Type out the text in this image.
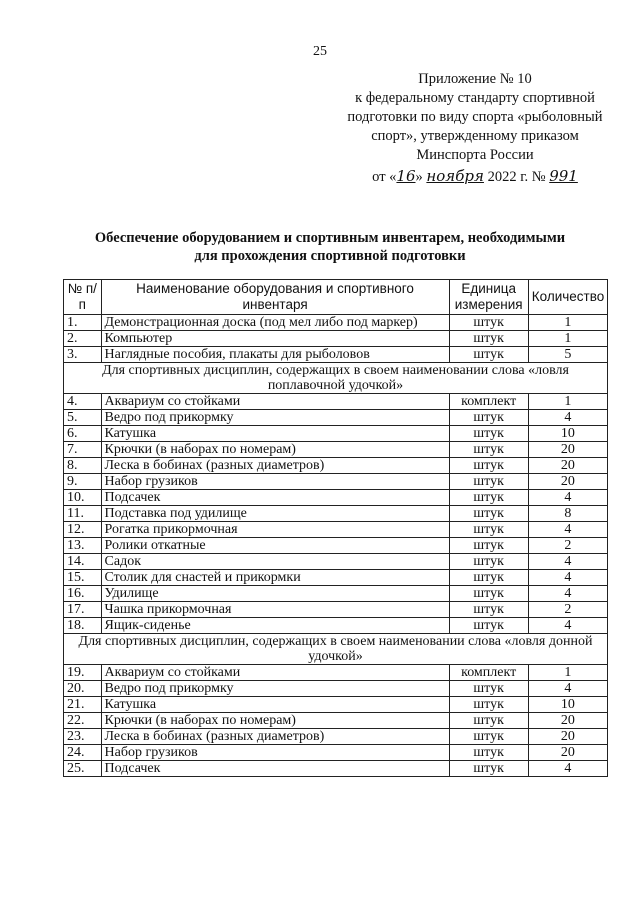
25
Приложение № 10
к федеральному стандарту спортивной
подготовки по виду спорта «рыболовный
спорт», утвержденному приказом
Минспорта России
от «16» ноября 2022 г. № 991
Обеспечение оборудованием и спортивным инвентарем, необходимыми
для прохождения спортивной подготовки
№ п/п	Наименование оборудования и спортивного инвентаря	Единица измерения	Количество
1.	Демонстрационная доска (под мел либо под маркер)	штук	1
2.	Компьютер	штук	1
3.	Наглядные пособия, плакаты для рыболовов	штук	5
Для спортивных дисциплин, содержащих в своем наименовании слова «ловля поплавочной удочкой»			
4.	Аквариум со стойками	комплект	1
5.	Ведро под прикормку	штук	4
6.	Катушка	штук	10
7.	Крючки (в наборах по номерам)	штук	20
8.	Леска в бобинах (разных диаметров)	штук	20
9.	Набор грузиков	штук	20
10.	Подсачек	штук	4
11.	Подставка под удилище	штук	8
12.	Рогатка прикормочная	штук	4
13.	Ролики откатные	штук	2
14.	Садок	штук	4
15.	Столик для снастей и прикормки	штук	4
16.	Удилище	штук	4
17.	Чашка прикормочная	штук	2
18.	Ящик-сиденье	штук	4
Для спортивных дисциплин, содержащих в своем наименовании слова «ловля донной удочкой»			
19.	Аквариум со стойками	комплект	1
20.	Ведро под прикормку	штук	4
21.	Катушка	штук	10
22.	Крючки (в наборах по номерам)	штук	20
23.	Леска в бобинах (разных диаметров)	штук	20
24.	Набор грузиков	штук	20
25.	Подсачек	штук	4
